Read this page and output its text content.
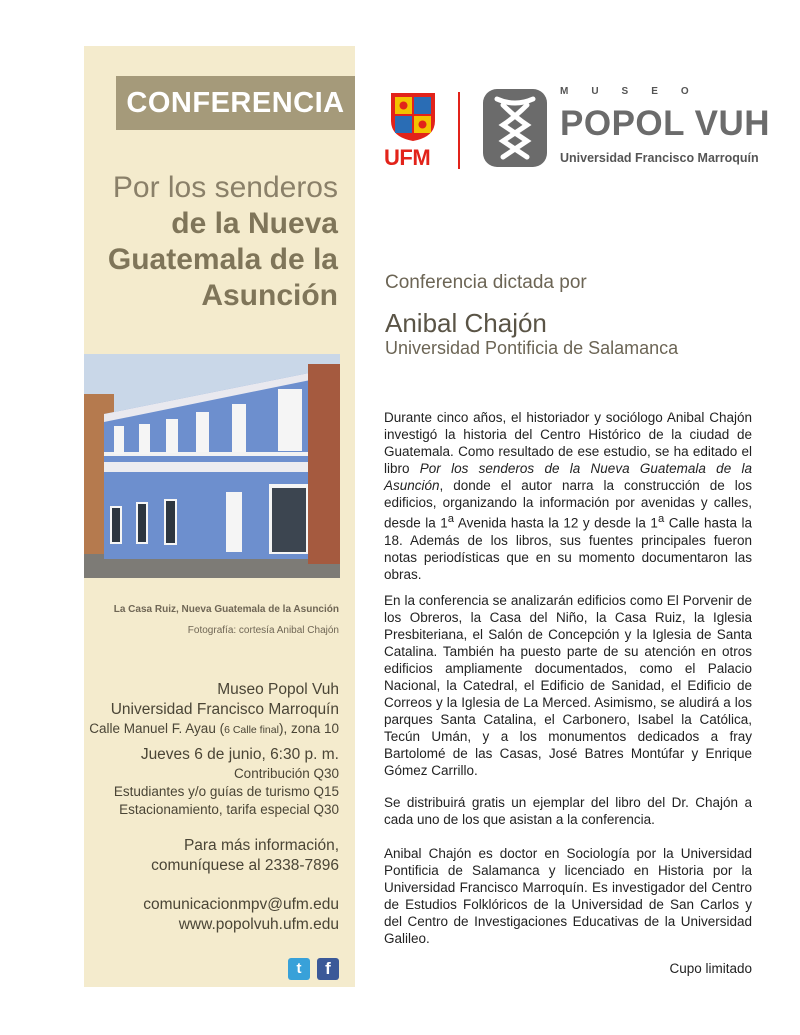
CONFERENCIA
Por los senderos
de la Nueva
Guatemala de la
Asunción
La Casa Ruiz, Nueva Guatemala de la Asunción
Fotografía: cortesía Anibal Chajón
Museo Popol Vuh
Universidad Francisco Marroquín
Calle Manuel F. Ayau (6 Calle final), zona 10
Jueves 6 de junio, 6:30 p. m.
Contribución Q30
Estudiantes y/o guías de turismo Q15
Estacionamiento, tarifa especial Q30
Para más información,
comuníquese al 2338-7896
comunicacionmpv@ufm.edu
www.popolvuh.ufm.edu
t	f
UFM
MUSEO
POPOL VUH
Universidad Francisco Marroquín
Conferencia dictada por
Anibal Chajón
Universidad Pontificia de Salamanca
Durante cinco años, el historiador y sociólogo Anibal Chajón investigó la historia del Centro Histórico de la ciudad de Guatemala. Como resultado de ese estudio, se ha editado el libro Por los senderos de la Nueva Guatemala de la Asunción, donde el autor narra la construcción de los edificios, organizando la información por avenidas y calles, desde la 1$^a$ Avenida hasta la 12 y desde la 1$^a$ Calle hasta la 18. Además de los libros, sus fuentes principales fueron notas periodísticas que en su momento documentaron las obras.
En la conferencia se analizarán edificios como El Porvenir de los Obreros, la Casa del Niño, la Casa Ruiz, la Iglesia Presbiteriana, el Salón de Concepción y la Iglesia de Santa Catalina. También ha puesto parte de su atención en otros edificios ampliamente documentados, como el Palacio Nacional, la Catedral, el Edificio de Sanidad, el Edificio de Correos y la Iglesia de La Merced. Asimismo, se aludirá a los parques Santa Catalina, el Carbonero, Isabel la Católica, Tecún Umán, y a los monumentos dedicados a fray Bartolomé de las Casas, José Batres Montúfar y Enrique Gómez Carrillo.
Se distribuirá gratis un ejemplar del libro del Dr. Chajón a cada uno de los que asistan a la conferencia.
Anibal Chajón es doctor en Sociología por la Universidad Pontificia de Salamanca y licenciado en Historia por la Universidad Francisco Marroquín. Es investigador del Centro de Estudios Folklóricos de la Universidad de San Carlos y del Centro de Investigaciones Educativas de la Universidad Galileo.
Cupo limitado
